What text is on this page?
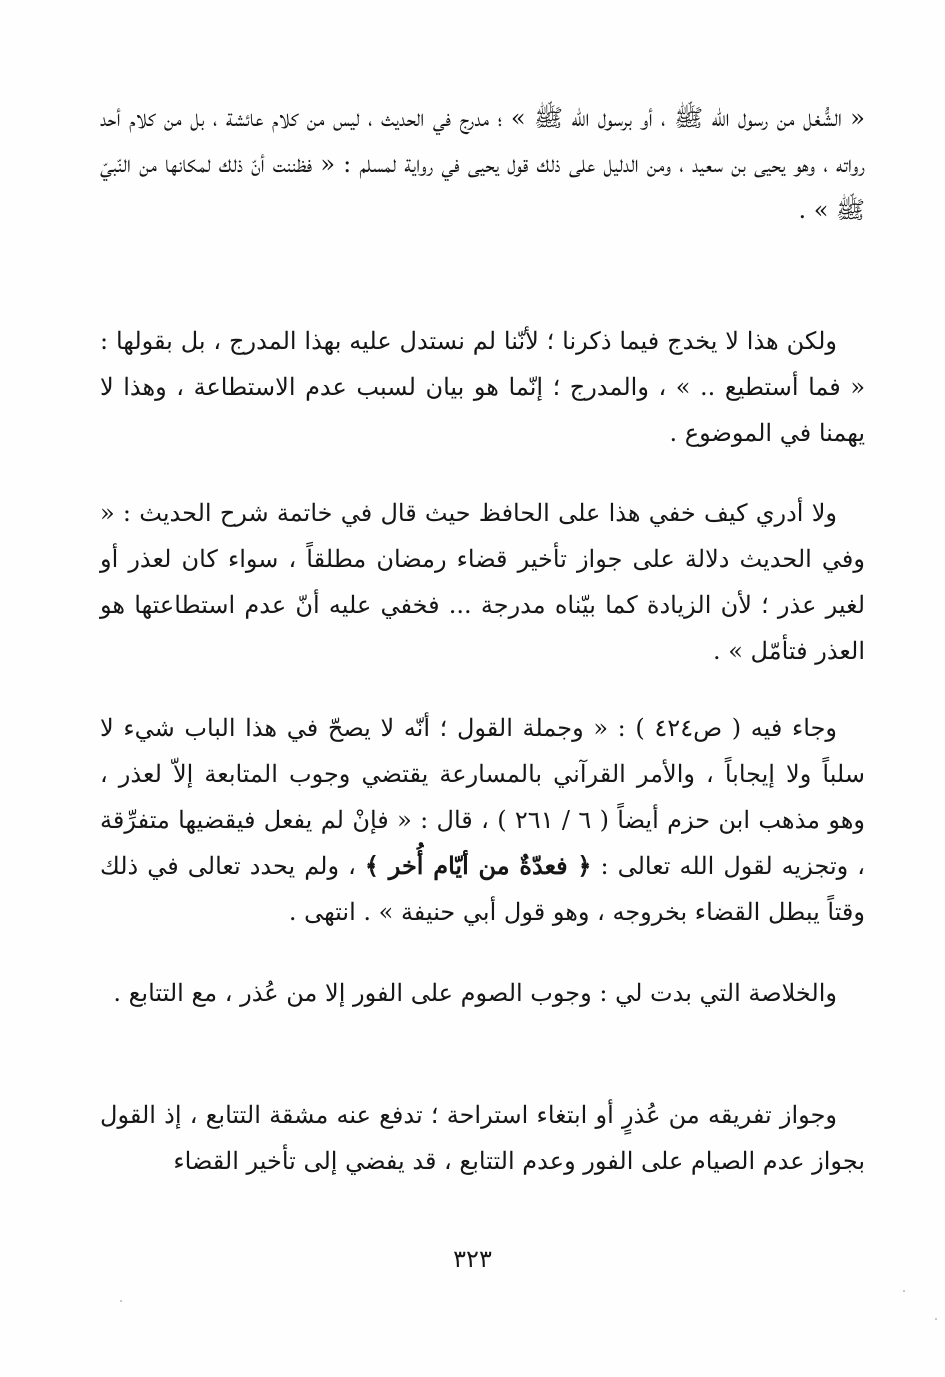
« الشُّغل من رسول الله ﷺ ، أو برسول الله ﷺ » ؛ مدرج في الحديث ، ليس من كلام عائشة ، بل من كلام أحد رواته ، وهو يحيى بن سعيد ، ومن الدليل على ذلك قول يحيى في رواية لمسلم : « فظننت أنّ ذلك لمكانها من النّبيّ ﷺ » .

ولكن هذا لا يخدج فيما ذكرنا ؛ لأنّنا لم نستدل عليه بهذا المدرج ، بل بقولها : « فما أستطيع .. » ، والمدرج ؛ إنّما هو بيان لسبب عدم الاستطاعة ، وهذا لا يهمنا في الموضوع .

ولا أدري كيف خفي هذا على الحافظ حيث قال في خاتمة شرح الحديث : « وفي الحديث دلالة على جواز تأخير قضاء رمضان مطلقاً ، سواء كان لعذر أو لغير عذر ؛ لأن الزيادة كما بيّناه مدرجة ... فخفي عليه أنّ عدم استطاعتها هو العذر فتأمّل » .

وجاء فيه ( ص٤٢٤ ) : « وجملة القول ؛ أنّه لا يصحّ في هذا الباب شيء لا سلباً ولا إيجاباً ، والأمر القرآني بالمسارعة يقتضي وجوب المتابعة إلاّ لعذر ، وهو مذهب ابن حزم أيضاً ( ٦ / ٢٦١ ) ، قال : « فإنْ لم يفعل فيقضيها متفرِّقة ، وتجزيه لقول الله تعالى : ﴿ فعدّةٌ من أيّام أُخر ﴾ ، ولم يحدد تعالى في ذلك وقتاً يبطل القضاء بخروجه ، وهو قول أبي حنيفة » . انتهى .

والخلاصة التي بدت لي : وجوب الصوم على الفور إلا من عُذر ، مع التتابع .

وجواز تفريقه من عُذرٍ أو ابتغاء استراحة ؛ تدفع عنه مشقة التتابع ، إذ القول بجواز عدم الصيام على الفور وعدم التتابع ، قد يفضي إلى تأخير القضاء

٣٢٣
